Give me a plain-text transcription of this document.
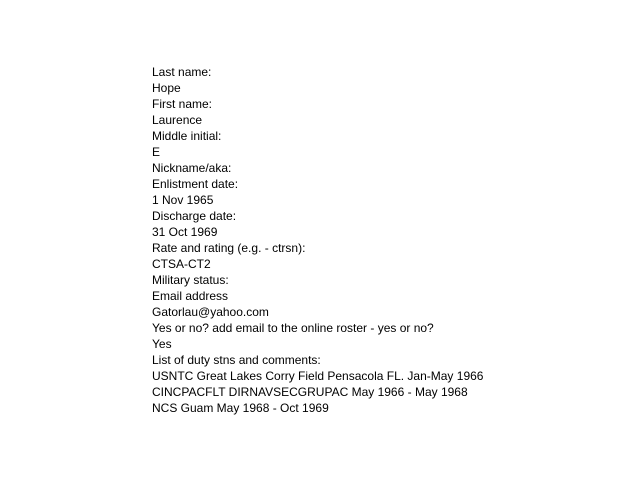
Last name:
Hope
First name:
Laurence
Middle initial:
E
Nickname/aka:
Enlistment date:
1 Nov 1965
Discharge date:
31 Oct 1969
Rate and rating (e.g. - ctrsn):
CTSA-CT2
Military status:
Email address
Gatorlau@yahoo.com
Yes or no? add email to the online roster - yes or no?
Yes
List of duty stns and comments:
USNTC Great Lakes Corry Field Pensacola FL. Jan-May 1966
CINCPACFLT DIRNAVSECGRUPAC May 1966 - May 1968
NCS Guam May 1968 - Oct 1969
